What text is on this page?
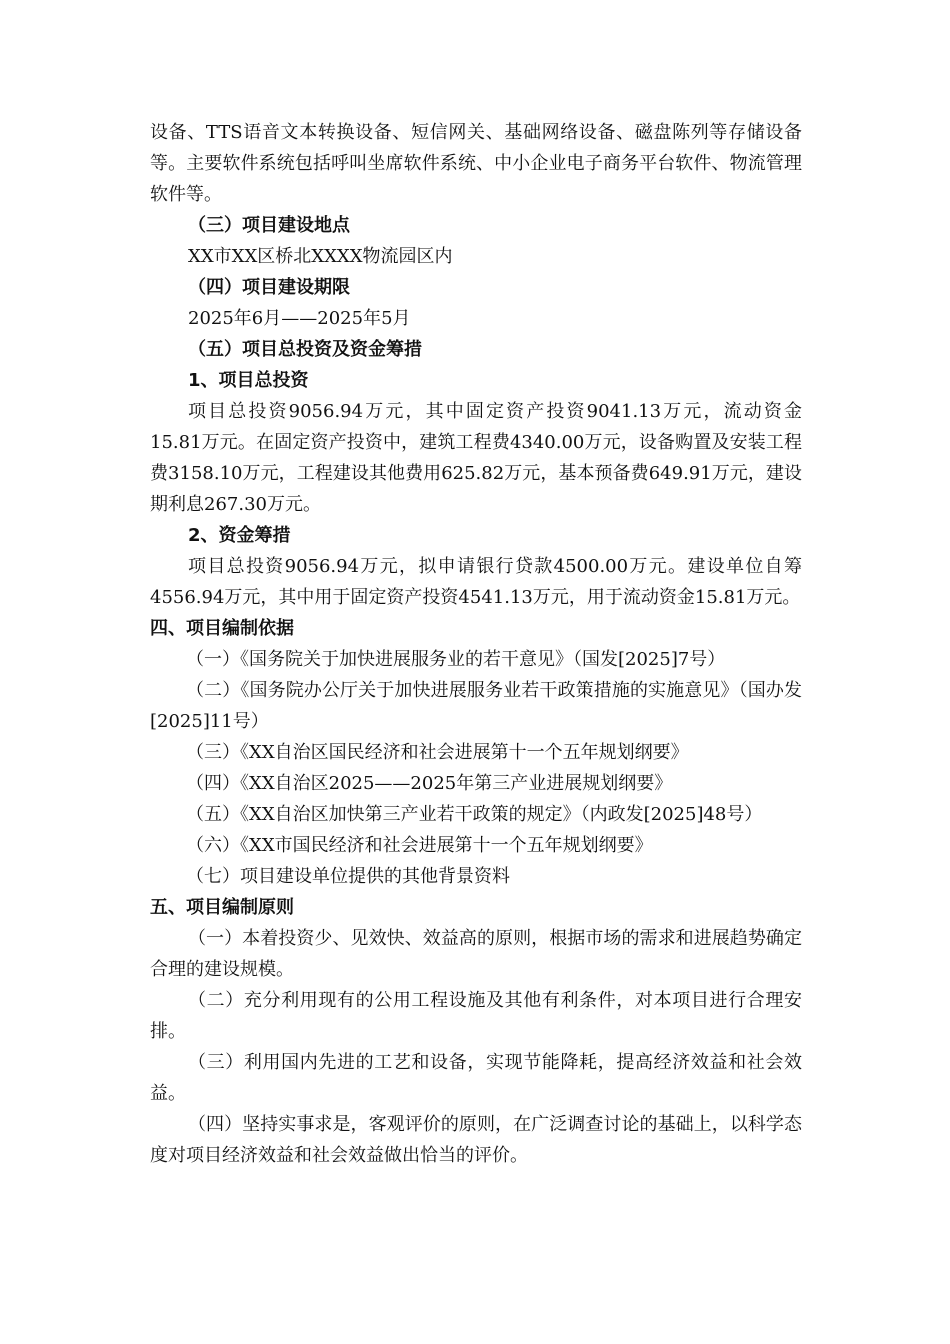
设备、TTS语音文本转换设备、短信网关、基础网络设备、磁盘陈列等存储设备等。主要软件系统包括呼叫坐席软件系统、中小企业电子商务平台软件、物流管理软件等。

（三）项目建设地点

XX市XX区桥北XXXX物流园区内

（四）项目建设期限

2025年6月——2025年5月

（五）项目总投资及资金筹措

1、项目总投资

项目总投资9056.94万元，其中固定资产投资9041.13万元，流动资金15.81万元。在固定资产投资中，建筑工程费4340.00万元，设备购置及安装工程费3158.10万元，工程建设其他费用625.82万元，基本预备费649.91万元，建设期利息267.30万元。

2、资金筹措

项目总投资9056.94万元，拟申请银行贷款4500.00万元。建设单位自筹4556.94万元，其中用于固定资产投资4541.13万元，用于流动资金15.81万元。

四、项目编制依据

（一）《国务院关于加快进展服务业的若干意见》（国发[2025]7号）

（二）《国务院办公厅关于加快进展服务业若干政策措施的实施意见》（国办发[2025]11号）

（三）《XX自治区国民经济和社会进展第十一个五年规划纲要》

（四）《XX自治区2025——2025年第三产业进展规划纲要》

（五）《XX自治区加快第三产业若干政策的规定》（内政发[2025]48号）

（六）《XX市国民经济和社会进展第十一个五年规划纲要》

（七）项目建设单位提供的其他背景资料

五、项目编制原则

（一）本着投资少、见效快、效益高的原则，根据市场的需求和进展趋势确定合理的建设规模。

（二）充分利用现有的公用工程设施及其他有利条件，对本项目进行合理安排。

（三）利用国内先进的工艺和设备，实现节能降耗，提高经济效益和社会效益。

（四）坚持实事求是，客观评价的原则，在广泛调查讨论的基础上，以科学态度对项目经济效益和社会效益做出恰当的评价。
